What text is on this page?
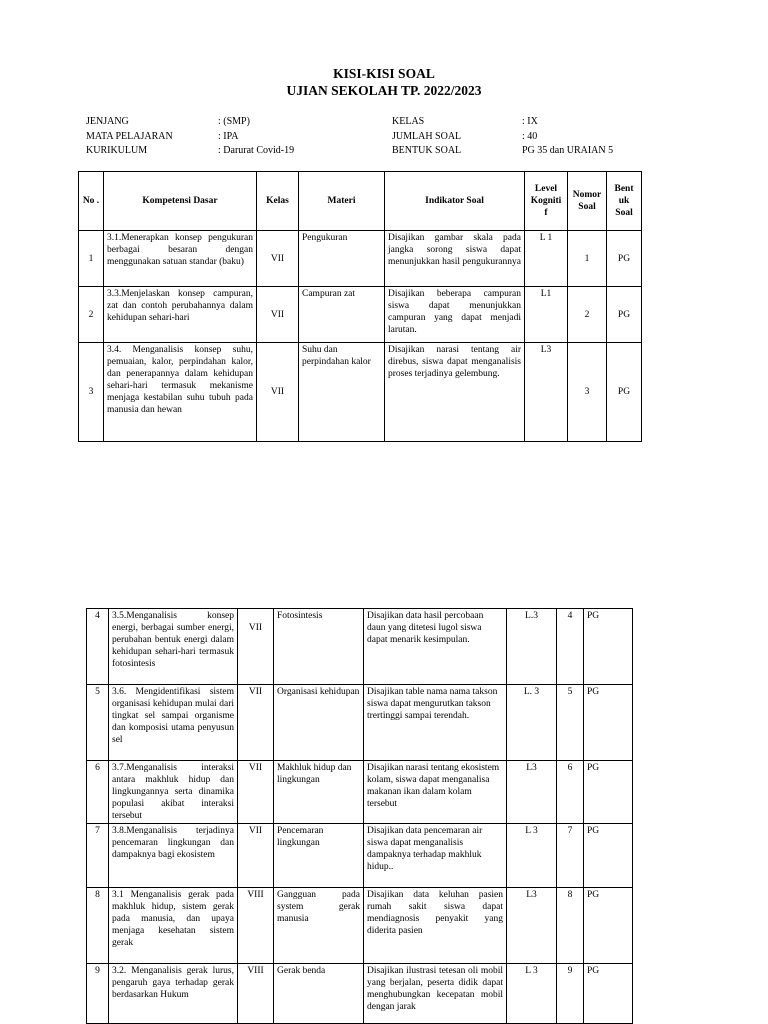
KISI-KISI SOAL
UJIAN SEKOLAH TP. 2022/2023
JENJANG	: (SMP)	KELAS	: IX
MATA PELAJARAN	: IPA	JUMLAH SOAL	: 40
KURIKULUM	: Darurat Covid-19	BENTUK SOAL	PG 35 dan URAIAN 5
No .	Kompetensi Dasar	Kelas	Materi	Indikator Soal	Level Kogniti f	Nomor Soal	Bent uk Soal
1	3.1.Menerapkan konsep pengukuran berbagai besaran dengan menggunakan satuan standar (baku)	VII	Pengukuran	Disajikan gambar skala pada jangka sorong siswa dapat menunjukkan hasil pengukurannya	L 1	1	PG
2	3.3.Menjelaskan konsep campuran, zat dan contoh perubahannya dalam kehidupan sehari-hari	VII	Campuran zat	Disajikan beberapa campuran siswa dapat menunjukkan campuran yang dapat menjadi larutan.	L1	2	PG
3	3.4. Menganalisis konsep suhu, pemuaian, kalor, perpindahan kalor, dan penerapannya dalam kehidupan sehari-hari termasuk mekanisme menjaga kestabilan suhu tubuh pada manusia dan hewan	VII	Suhu dan perpindahan kalor	Disajikan narasi tentang air direbus, siswa dapat menganalisis proses terjadinya gelembung.	L3	3	PG
4	3.5.Menganalisis konsep energi, berbagai sumber energi, perubahan bentuk energi dalam kehidupan sehari-hari termasuk fotosintesis	VII	Fotosintesis	Disajikan data hasil percobaan daun yang ditetesi lugol siswa dapat menarik kesimpulan.	L.3	4	PG
5	3.6. Mengidentifikasi sistem organisasi kehidupan mulai dari tingkat sel sampai organisme dan komposisi utama penyusun sel	VII	Organisasi kehidupan	Disajikan table nama nama takson siswa dapat mengurutkan takson trertinggi sampai terendah.	L. 3	5	PG
6	3.7.Menganalisis interaksi antara makhluk hidup dan lingkungannya serta dinamika populasi akibat interaksi tersebut	VII	Makhluk hidup dan lingkungan	Disajikan narasi tentang ekosistem kolam, siswa dapat menganalisa makanan ikan dalam kolam tersebut	L3	6	PG
7	3.8.Menganalisis terjadinya pencemaran lingkungan dan dampaknya bagi ekosistem	VII	Pencemaran lingkungan	Disajikan data pencemaran air siswa dapat menganalisis dampaknya terhadap makhluk hidup..	L 3	7	PG
8	3.1 Menganalisis gerak pada makhluk hidup, sistem gerak pada manusia, dan upaya menjaga kesehatan sistem gerak	VIII	Gangguan pada system gerak manusia	Disajikan data keluhan pasien rumah sakit siswa dapat mendiagnosis penyakit yang diderita pasien	L3	8	PG
9	3.2. Menganalisis gerak lurus, pengaruh gaya terhadap gerak berdasarkan Hukum	VIII	Gerak benda	Disajikan ilustrasi tetesan oli mobil yang berjalan, peserta didik dapat menghubungkan kecepatan mobil dengan jarak	L 3	9	PG
